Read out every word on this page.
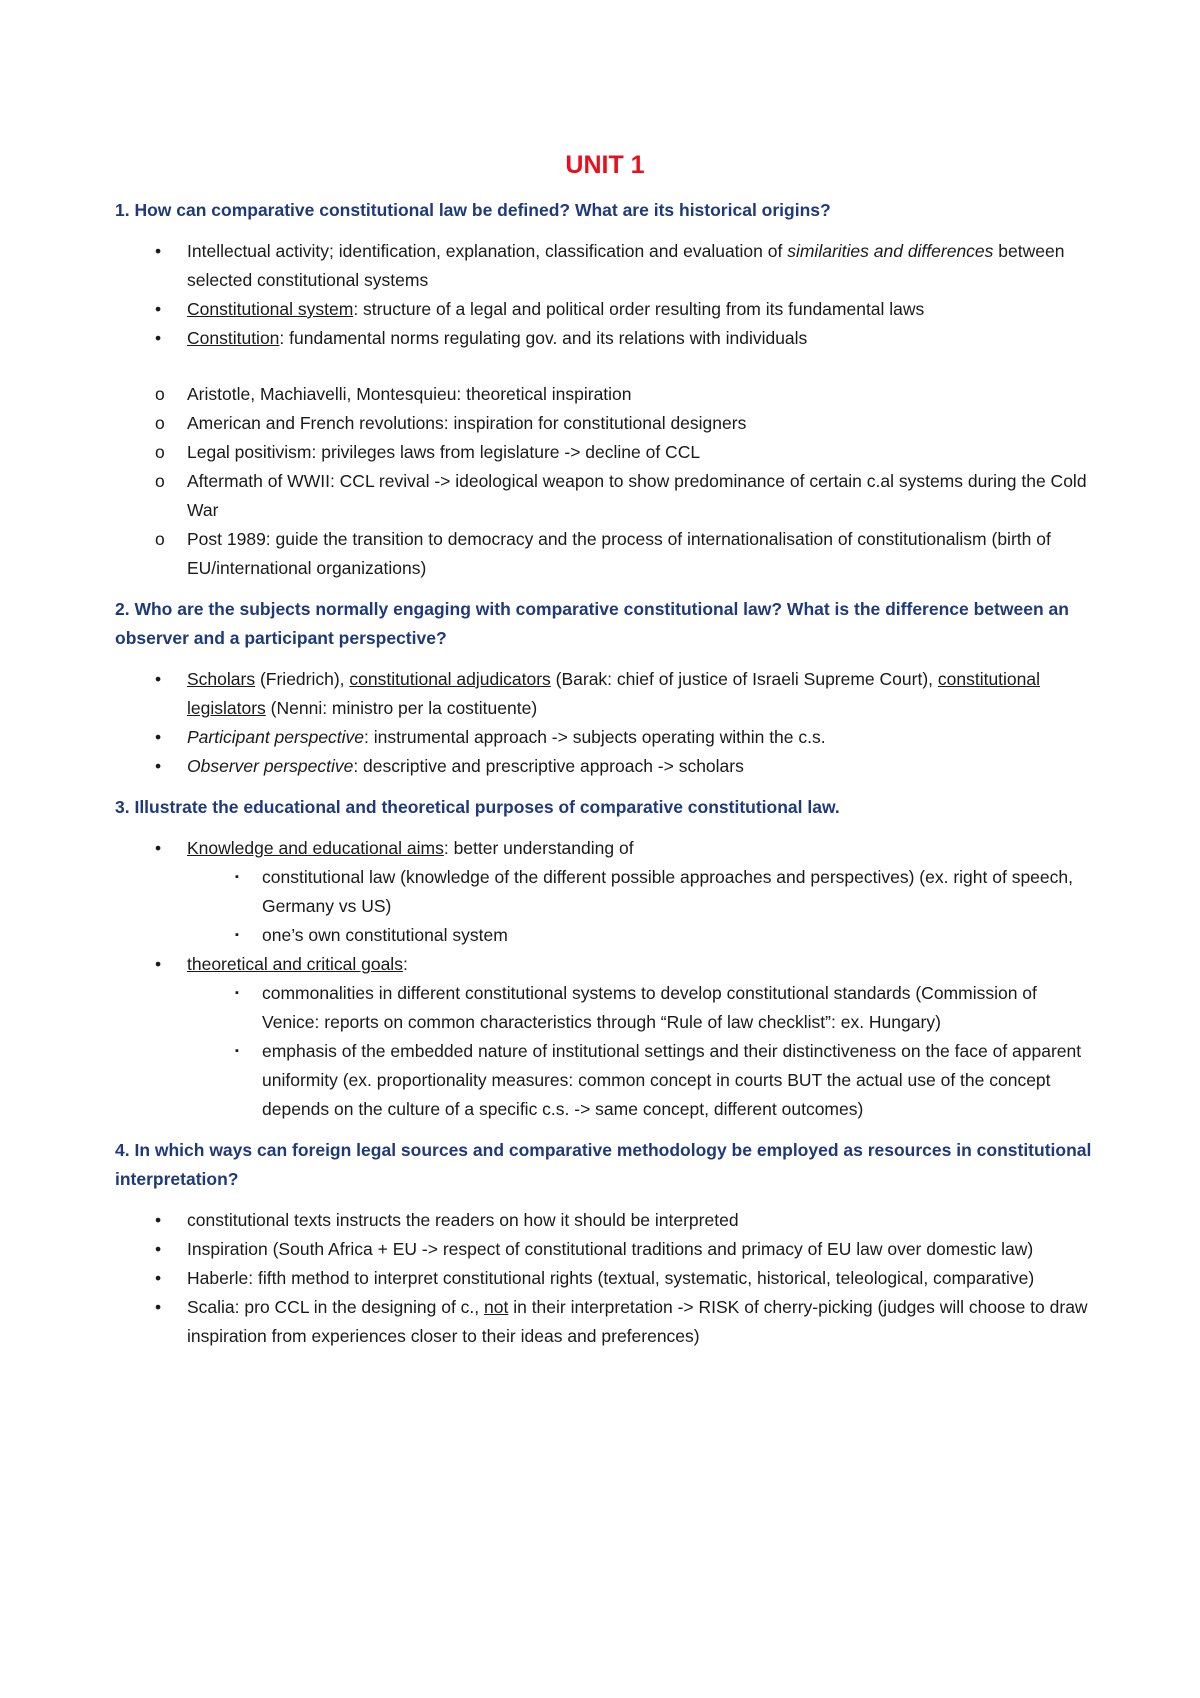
UNIT 1
1. How can comparative constitutional law be defined? What are its historical origins?
•	Intellectual activity; identification, explanation, classification and evaluation of similarities and differences between selected constitutional systems
•	Constitutional system: structure of a legal and political order resulting from its fundamental laws
•	Constitution: fundamental norms regulating gov. and its relations with individuals
o	Aristotle, Machiavelli, Montesquieu: theoretical inspiration
o	American and French revolutions: inspiration for constitutional designers
o	Legal positivism: privileges laws from legislature -> decline of CCL
o	Aftermath of WWII: CCL revival -> ideological weapon to show predominance of certain c.al systems during the Cold War
o	Post 1989: guide the transition to democracy and the process of internationalisation of constitutionalism (birth of EU/international organizations)
2. Who are the subjects normally engaging with comparative constitutional law? What is the difference between an observer and a participant perspective?
•	Scholars (Friedrich), constitutional adjudicators (Barak: chief of justice of Israeli Supreme Court), constitutional legislators (Nenni: ministro per la costituente)
•	Participant perspective: instrumental approach -> subjects operating within the c.s.
•	Observer perspective: descriptive and prescriptive approach -> scholars
3. Illustrate the educational and theoretical purposes of comparative constitutional law.
•	Knowledge and educational aims: better understanding of
▪ constitutional law (knowledge of the different possible approaches and perspectives) (ex. right of speech, Germany vs US)
▪ one’s own constitutional system
•	theoretical and critical goals:
▪ commonalities in different constitutional systems to develop constitutional standards (Commission of Venice: reports on common characteristics through “Rule of law checklist”: ex. Hungary)
▪ emphasis of the embedded nature of institutional settings and their distinctiveness on the face of apparent uniformity (ex. proportionality measures: common concept in courts BUT the actual use of the concept depends on the culture of a specific c.s. -> same concept, different outcomes)
4. In which ways can foreign legal sources and comparative methodology be employed as resources in constitutional interpretation?
•	constitutional texts instructs the readers on how it should be interpreted
•	Inspiration (South Africa + EU -> respect of constitutional traditions and primacy of EU law over domestic law)
•	Haberle: fifth method to interpret constitutional rights (textual, systematic, historical, teleological, comparative)
•	Scalia: pro CCL in the designing of c., not in their interpretation -> RISK of cherry-picking (judges will choose to draw inspiration from experiences closer to their ideas and preferences)
